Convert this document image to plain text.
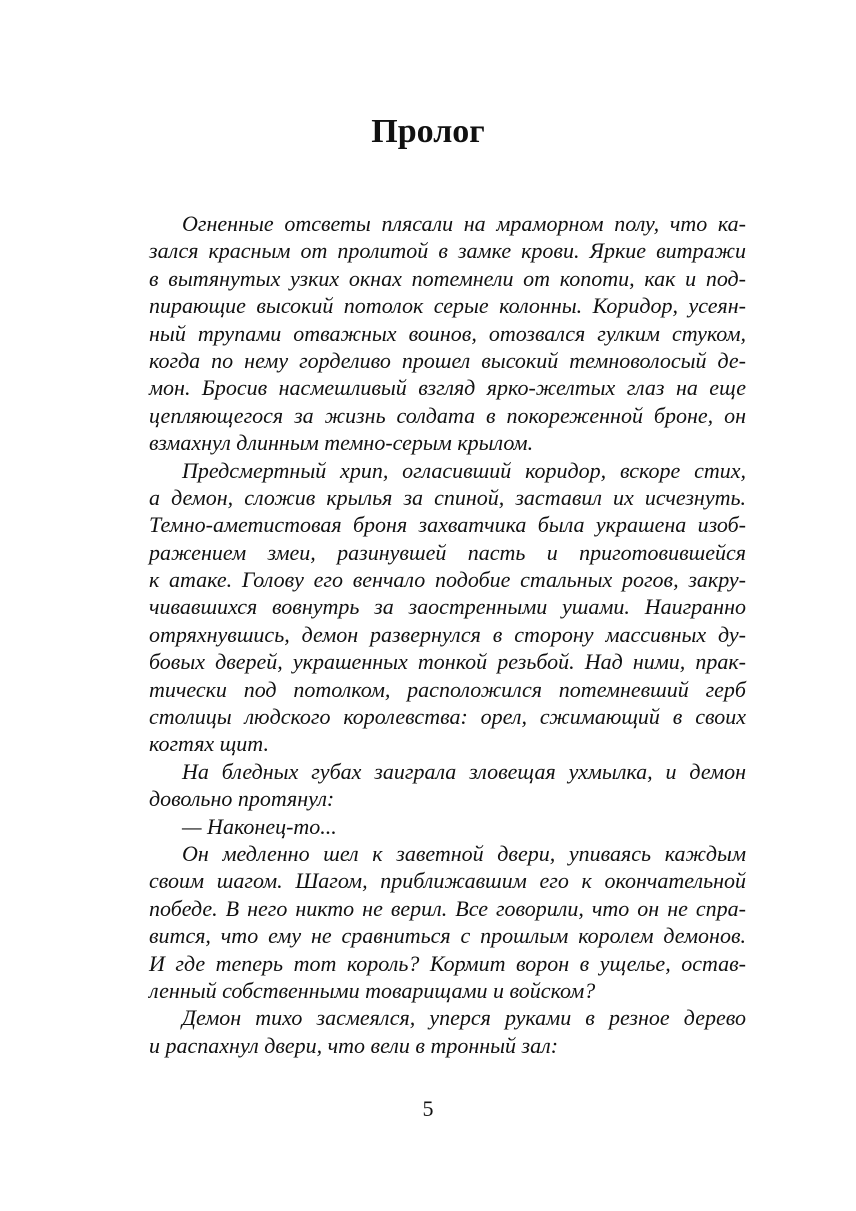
Пролог
Огненные отсветы плясали на мраморном полу, что ка-
зался красным от пролитой в замке крови. Яркие витражи
в вытянутых узких окнах потемнели от копоти, как и под-
пирающие высокий потолок серые колонны. Коридор, усеян-
ный трупами отважных воинов, отозвался гулким стуком,
когда по нему горделиво прошел высокий темноволосый де-
мон. Бросив насмешливый взгляд ярко-желтых глаз на еще
цепляющегося за жизнь солдата в покореженной броне, он
взмахнул длинным темно-серым крылом.
Предсмертный хрип, огласивший коридор, вскоре стих,
а демон, сложив крылья за спиной, заставил их исчезнуть.
Темно-аметистовая броня захватчика была украшена изоб-
ражением змеи, разинувшей пасть и приготовившейся
к атаке. Голову его венчало подобие стальных рогов, закру-
чивавшихся вовнутрь за заостренными ушами. Наигранно
отряхнувшись, демон развернулся в сторону массивных ду-
бовых дверей, украшенных тонкой резьбой. Над ними, прак-
тически под потолком, расположился потемневший герб
столицы людского королевства: орел, сжимающий в своих
когтях щит.
На бледных губах заиграла зловещая ухмылка, и демон
довольно протянул:
— Наконец-то...
Он медленно шел к заветной двери, упиваясь каждым
своим шагом. Шагом, приближавшим его к окончательной
победе. В него никто не верил. Все говорили, что он не спра-
вится, что ему не сравниться с прошлым королем демонов.
И где теперь тот король? Кормит ворон в ущелье, остав-
ленный собственными товарищами и войском?
Демон тихо засмеялся, уперся руками в резное дерево
и распахнул двери, что вели в тронный зал:
5
